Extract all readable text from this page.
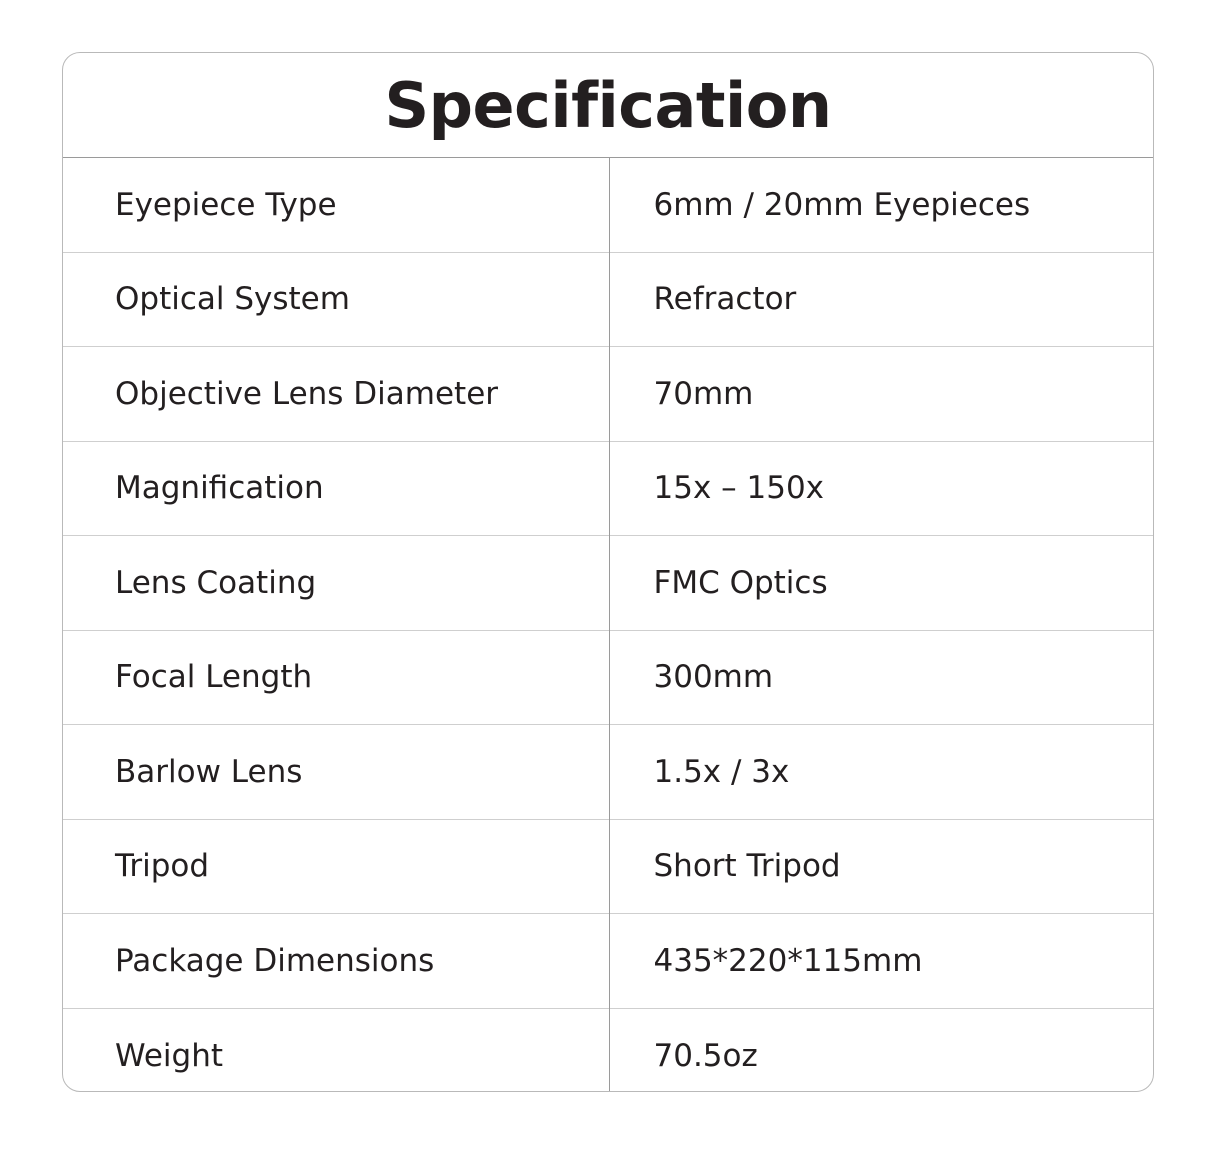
Specification
Eyepiece Type	6mm / 20mm Eyepieces
Optical System	Refractor
Objective Lens Diameter	70mm
Magnification	15x – 150x
Lens Coating	FMC Optics
Focal Length	300mm
Barlow Lens	1.5x / 3x
Tripod	Short Tripod
Package Dimensions	435*220*115mm
Weight	70.5oz
